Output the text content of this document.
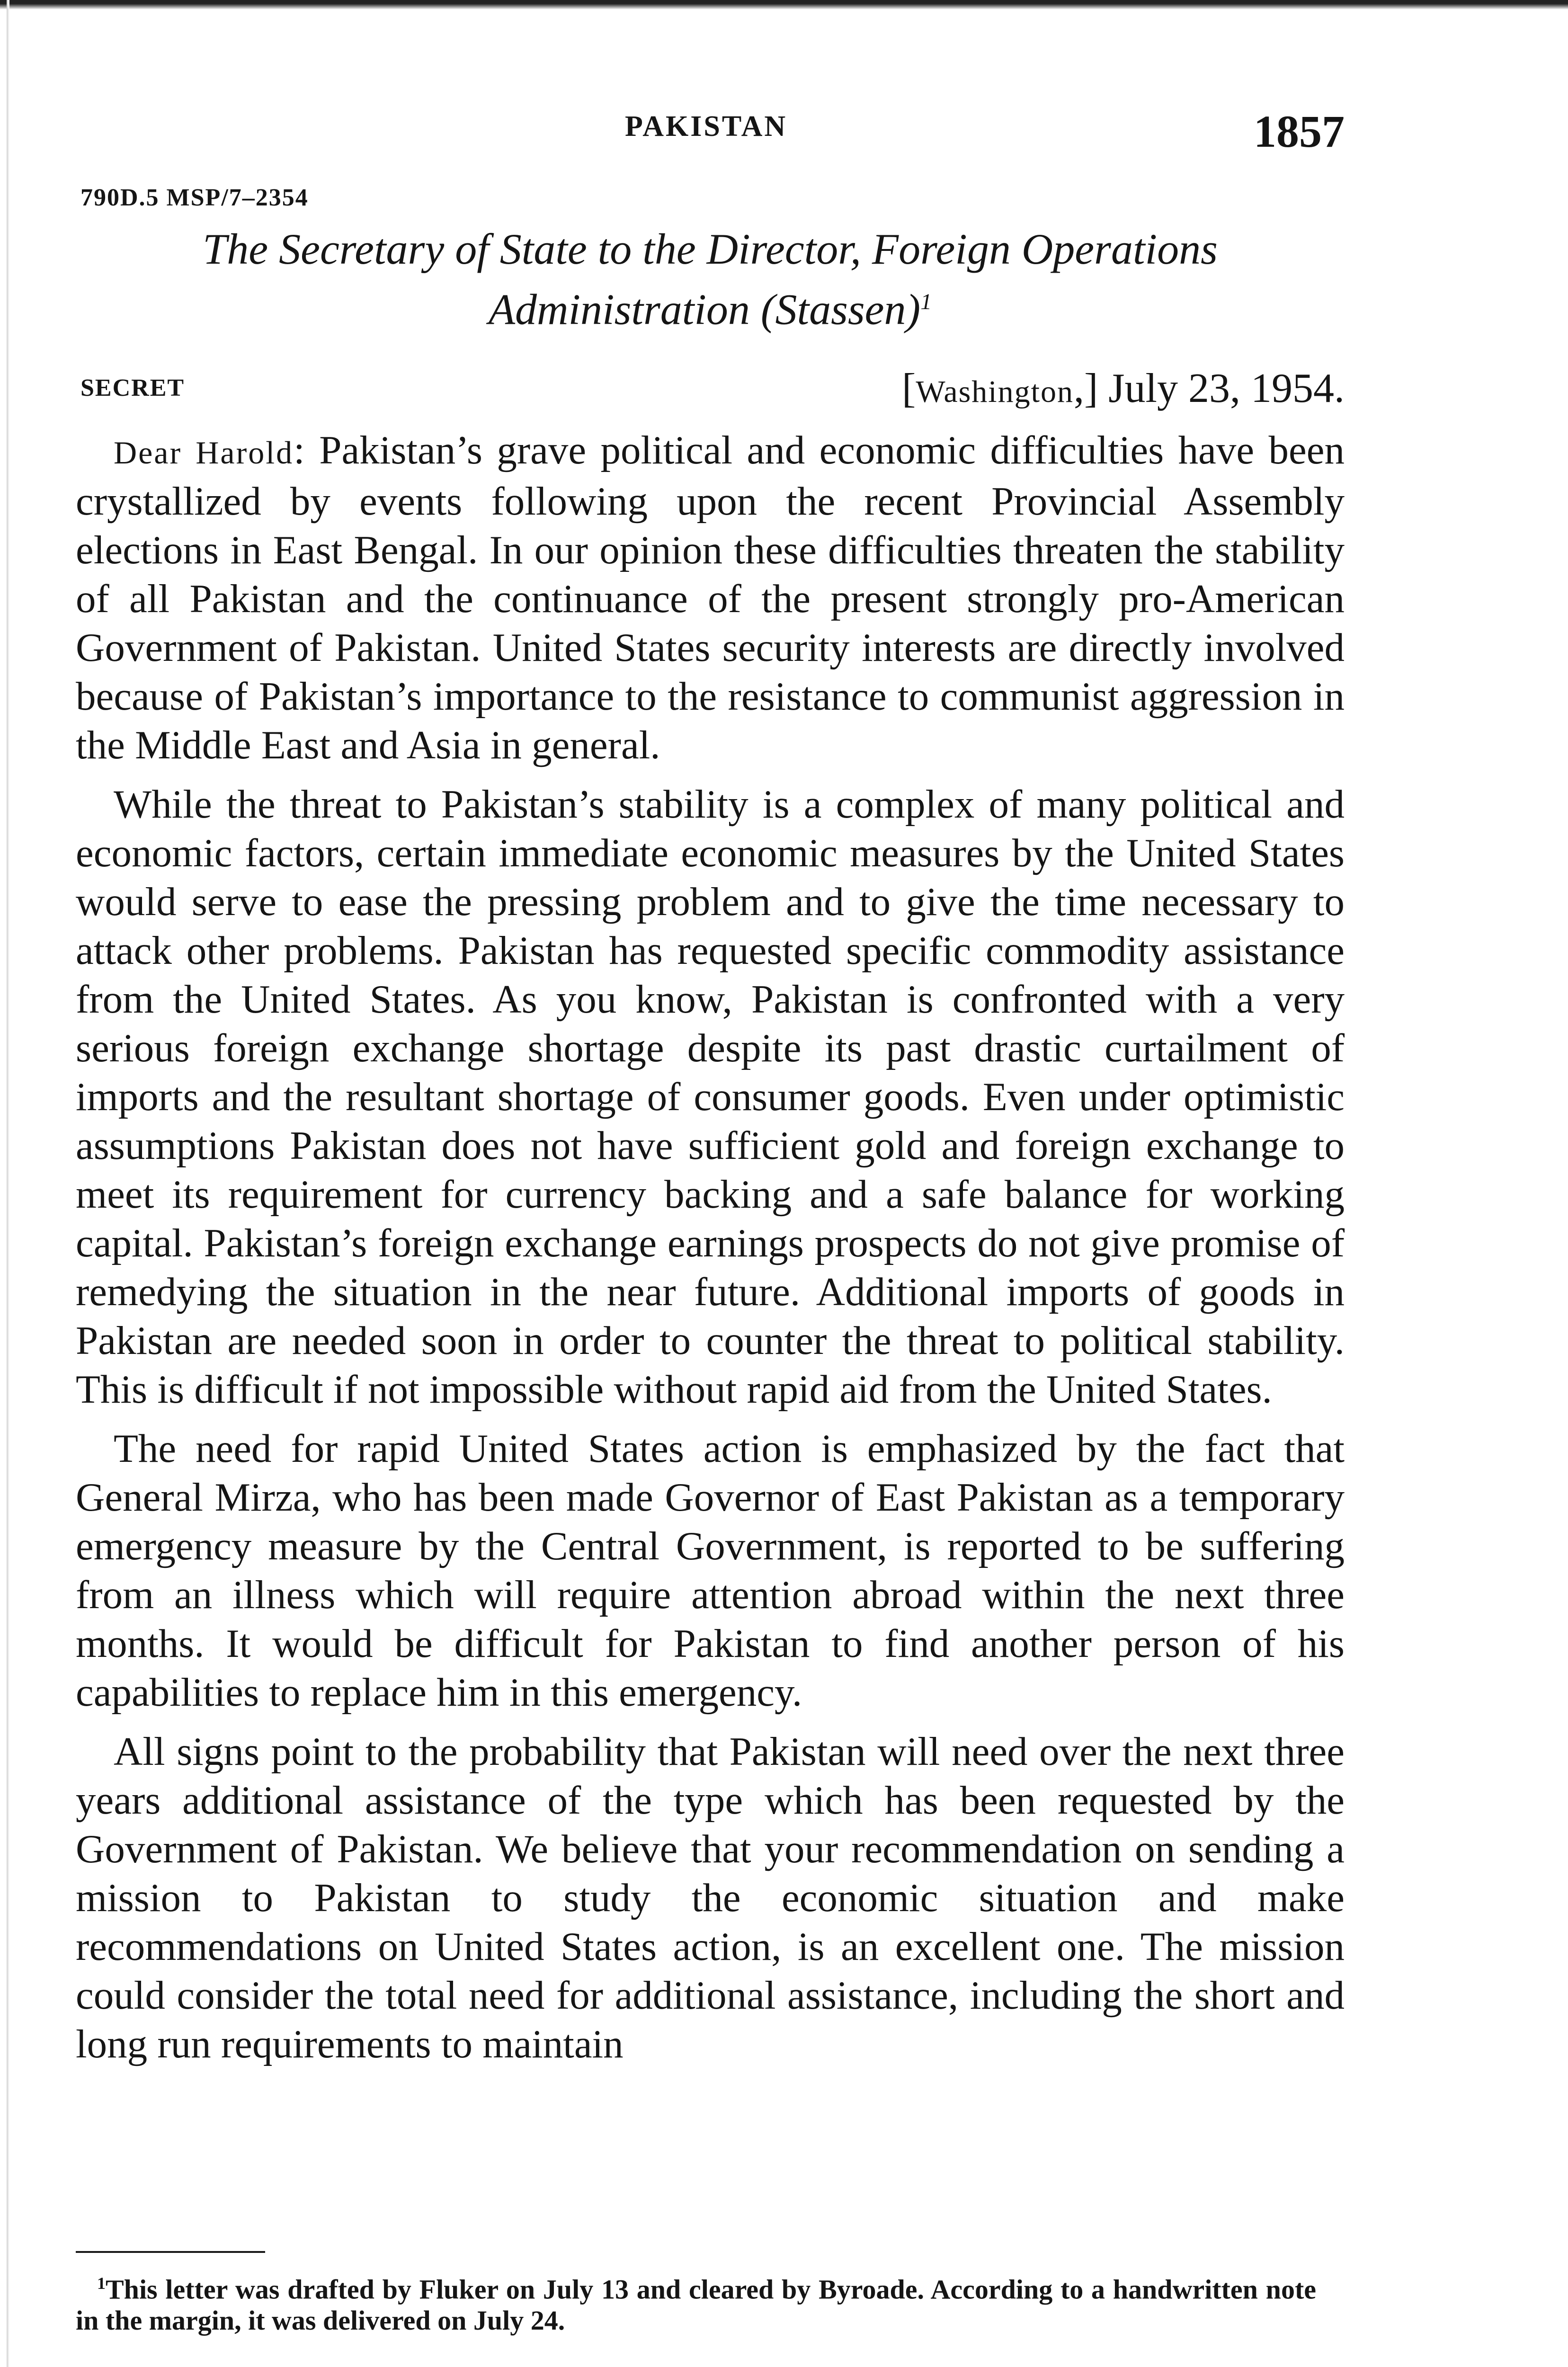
PAKISTAN	1857
790D.5 MSP/7–2354
The Secretary of State to the Director, Foreign Operations
Administration (Stassen)$^1$
SECRET	[Washington,] July 23, 1954.

Dear Harold: Pakistan’s grave political and economic difficulties have been crystallized by events following upon the recent Provincial Assembly elections in East Bengal. In our opinion these difficulties threaten the stability of all Pakistan and the continuance of the present strongly pro-American Government of Pakistan. United States security interests are directly involved because of Pakistan’s importance to the resistance to communist aggression in the Middle East and Asia in general.

While the threat to Pakistan’s stability is a complex of many political and economic factors, certain immediate economic measures by the United States would serve to ease the pressing problem and to give the time necessary to attack other problems. Pakistan has requested specific commodity assistance from the United States. As you know, Pakistan is confronted with a very serious foreign exchange shortage despite its past drastic curtailment of imports and the resultant shortage of consumer goods. Even under optimistic assumptions Pakistan does not have sufficient gold and foreign exchange to meet its requirement for currency backing and a safe balance for working capital. Pakistan’s foreign exchange earnings prospects do not give promise of remedying the situation in the near future. Additional imports of goods in Pakistan are needed soon in order to counter the threat to political stability. This is difficult if not impossible without rapid aid from the United States.

The need for rapid United States action is emphasized by the fact that General Mirza, who has been made Governor of East Pakistan as a temporary emergency measure by the Central Government, is reported to be suffering from an illness which will require attention abroad within the next three months. It would be difficult for Pakistan to find another person of his capabilities to replace him in this emergency.

All signs point to the probability that Pakistan will need over the next three years additional assistance of the type which has been requested by the Government of Pakistan. We believe that your recommendation on sending a mission to Pakistan to study the economic situation and make recommendations on United States action, is an excellent one. The mission could consider the total need for additional assistance, including the short and long run requirements to maintain

$^1$This letter was drafted by Fluker on July 13 and cleared by Byroade. According to a handwritten note in the margin, it was delivered on July 24.
